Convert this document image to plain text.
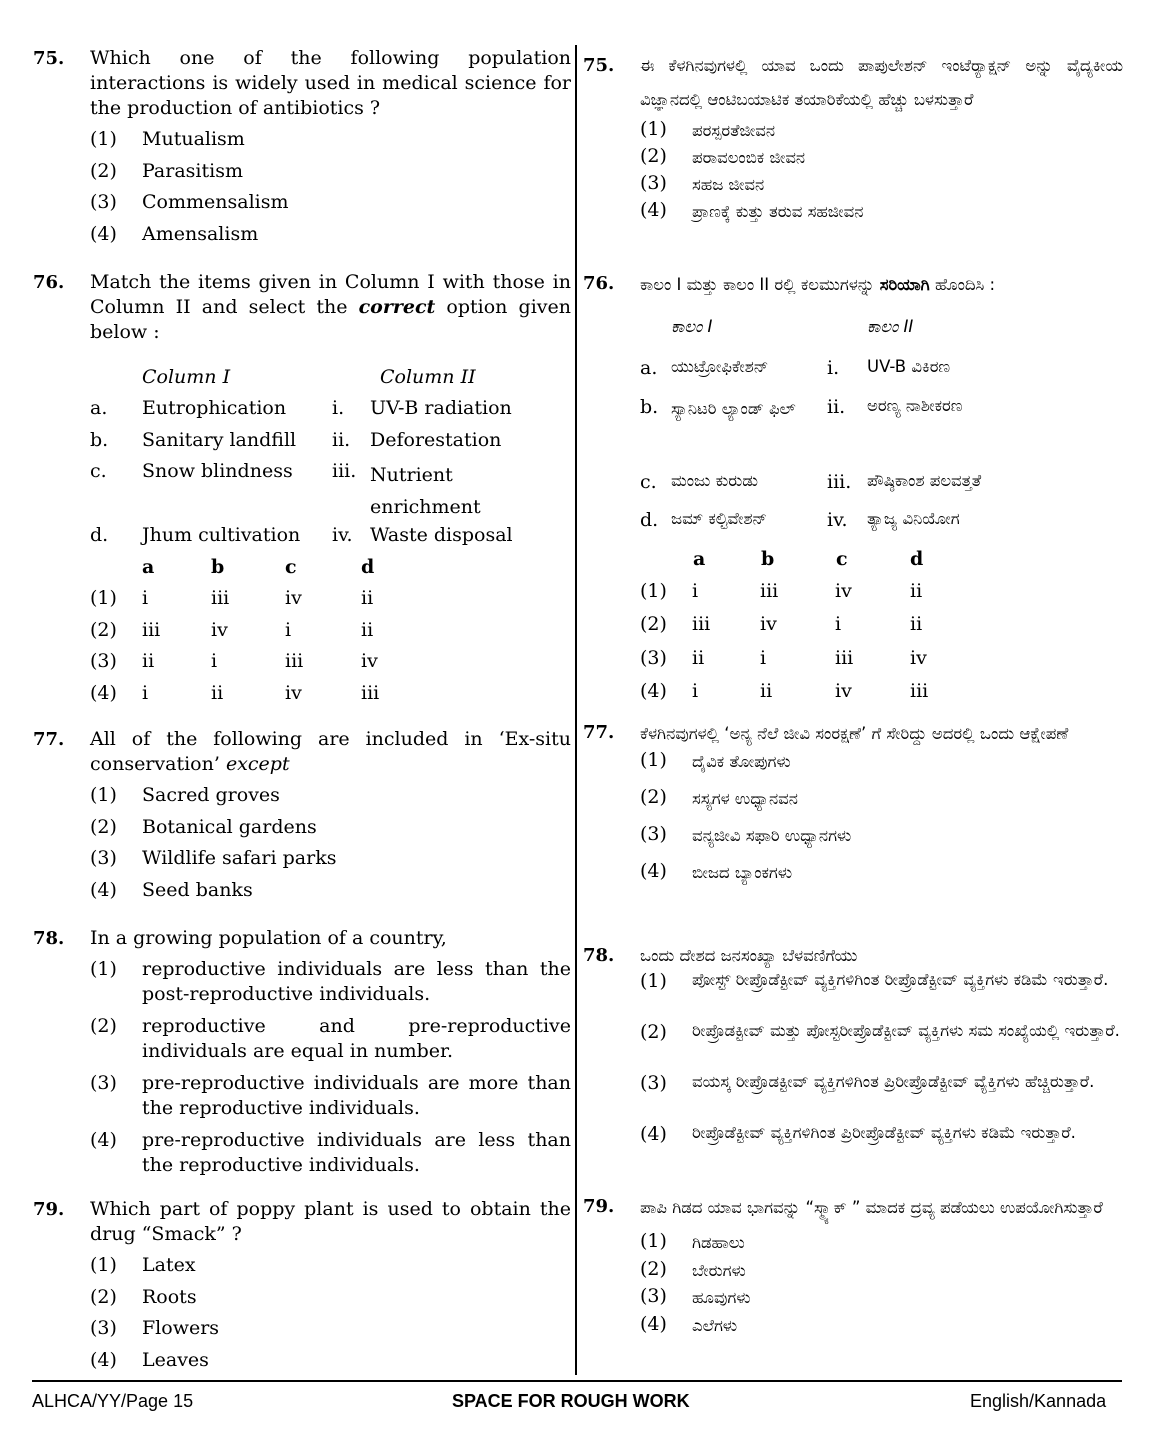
75. Which one of the following population interactions is widely used in medical science for the production of antibiotics ?
(1) Mutualism
(2) Parasitism
(3) Commensalism
(4) Amensalism
76. Match the items given in Column I with those in Column II and select the correct option given below :
Column I	Column II
a. Eutrophication i. UV-B radiation
b. Sanitary landfill ii. Deforestation
c. Snow blindness iii. Nutrient enrichment
d. Jhum cultivation iv. Waste disposal
a	b	c	d
(1) i	iii	iv	ii
(2) iii	iv	i	ii
(3) ii	i	iii	iv
(4) i	ii	iv	iii
77. All of the following are included in ‘Ex-situ conservation’ except
(1) Sacred groves
(2) Botanical gardens
(3) Wildlife safari parks
(4) Seed banks
78. In a growing population of a country,
(1) reproductive individuals are less than the post-reproductive individuals.
(2) reproductive and pre-reproductive individuals are equal in number.
(3) pre-reproductive individuals are more than the reproductive individuals.
(4) pre-reproductive individuals are less than the reproductive individuals.
79. Which part of poppy plant is used to obtain the drug “Smack” ?
(1) Latex
(2) Roots
(3) Flowers
(4) Leaves
75. ಈ ಕೆಳಗಿನವುಗಳಲ್ಲಿ ಯಾವ ಒಂದು ಪಾಪುಲೇಶನ್ ಇಂಟೆರ್‍ಯಾಕ್ಷನ್ ಅನ್ನು ವೈದ್ಯಕೀಯ ವಿಜ್ಞಾನದಲ್ಲಿ ಆಂಟಿಬಯಾಟಿಕ ತಯಾರಿಕೆಯಲ್ಲಿ ಹೆಚ್ಚು ಬಳಸುತ್ತಾರೆ
(1) ಪರಸ್ಪರತೆಜೀವನ
(2) ಪರಾವಲಂಬಿಕ ಜೀವನ
(3) ಸಹಜ ಜೀವನ
(4) ಪ್ರಾಣಕ್ಕೆ ಕುತ್ತು ತರುವ ಸಹಜೀವನ
76. ಕಾಲಂ I ಮತ್ತು ಕಾಲಂ II ರಲ್ಲಿ ಕಲಮುಗಳನ್ನು ಸರಿಯಾಗಿ ಹೊಂದಿಸಿ :
ಕಾಲಂ I	ಕಾಲಂ II
a. ಯುಟ್ರೋಫಿಕೇಶನ್	i. UV-B ವಿಕಿರಣ
b. ಸ್ಯಾನಿಟರಿ ಲ್ಯಾಂಡ್ ಫಿಲ್	ii. ಅರಣ್ಯ ನಾಶೀಕರಣ
c. ಮಂಜು ಕುರುಡು	iii. ಪೌಷ್ಠಿಕಾಂಶ ಪಲವತ್ತತೆ
d. ಜಮ್ ಕಲ್ಟಿವೇಶನ್	iv. ತ್ಯಾಜ್ಯ ವಿನಿಯೋಗ
a	b	c	d
(1) i	iii	iv	ii
(2) iii	iv	i	ii
(3) ii	i	iii	iv
(4) i	ii	iv	iii
77. ಕೆಳಗಿನವುಗಳಲ್ಲಿ ‘ಅನ್ಯ ನೆಲೆ ಜೀವಿ ಸಂರಕ್ಷಣೆ’ ಗೆ ಸೇರಿದ್ದು ಅದರಲ್ಲಿ ಒಂದು ಆಕ್ಷೇಪಣೆ
(1) ದೈವಿಕ ತೋಪುಗಳು
(2) ಸಸ್ಯಗಳ ಉಧ್ಯಾನವನ
(3) ವನ್ಯಜೀವಿ ಸಫಾರಿ ಉಧ್ಯಾನಗಳು
(4) ಬೀಜದ ಬ್ಯಾಂಕಗಳು
78. ಒಂದು ದೇಶದ ಜನಸಂಖ್ಯಾ ಬೆಳವಣಿಗೆಯು
(1) ಪೋಸ್ಟ್ ರೀಪ್ರೊಡೆಕ್ಟೀವ್ ವ್ಯಕ್ತಿಗಳಿಗಿಂತ ರೀಪ್ರೊಡೆಕ್ಟೀವ್ ವ್ಯಕ್ತಿಗಳು ಕಡಿಮೆ ಇರುತ್ತಾರೆ.
(2) ರೀಪ್ರೊಡಕ್ಟೀವ್ ಮತ್ತು ಪೋಸ್ಟರೀಪ್ರೊಡೆಕ್ಟೀವ್ ವ್ಯಕ್ತಿಗಳು ಸಮ ಸಂಖ್ಯೆಯಲ್ಲಿ ಇರುತ್ತಾರೆ.
(3) ವಯಸ್ಕ ರೀಪ್ರೊಡಕ್ಟೀವ್ ವ್ಯಕ್ತಿಗಳಿಗಿಂತ ಪ್ರಿರೀಪ್ರೊಡೆಕ್ಟೀವ್ ವ್ಯೆಕ್ತಿಗಳು ಹೆಚ್ಚಿರುತ್ತಾರೆ.
(4) ರೀಪ್ರೊಡೆಕ್ಟೀವ್ ವ್ಯಕ್ತಿಗಳಿಗಿಂತ ಪ್ರಿರೀಪ್ರೊಡೆಕ್ಟೀವ್ ವ್ಯಕ್ತಿಗಳು ಕಡಿಮೆ ಇರುತ್ತಾರೆ.
79. ಪಾಪಿ ಗಿಡದ ಯಾವ ಭಾಗವನ್ನು “ಸ್ಮ್ಯಾಕ್ ” ಮಾದಕ ದ್ರವ್ಯ ಪಡೆಯಲು ಉಪಯೋಗಿಸುತ್ತಾರೆ
(1) ಗಿಡಹಾಲು
(2) ಬೇರುಗಳು
(3) ಹೂವುಗಳು
(4) ಎಲೆಗಳು
ALHCA/YY/Page 15	SPACE FOR ROUGH WORK	English/Kannada
